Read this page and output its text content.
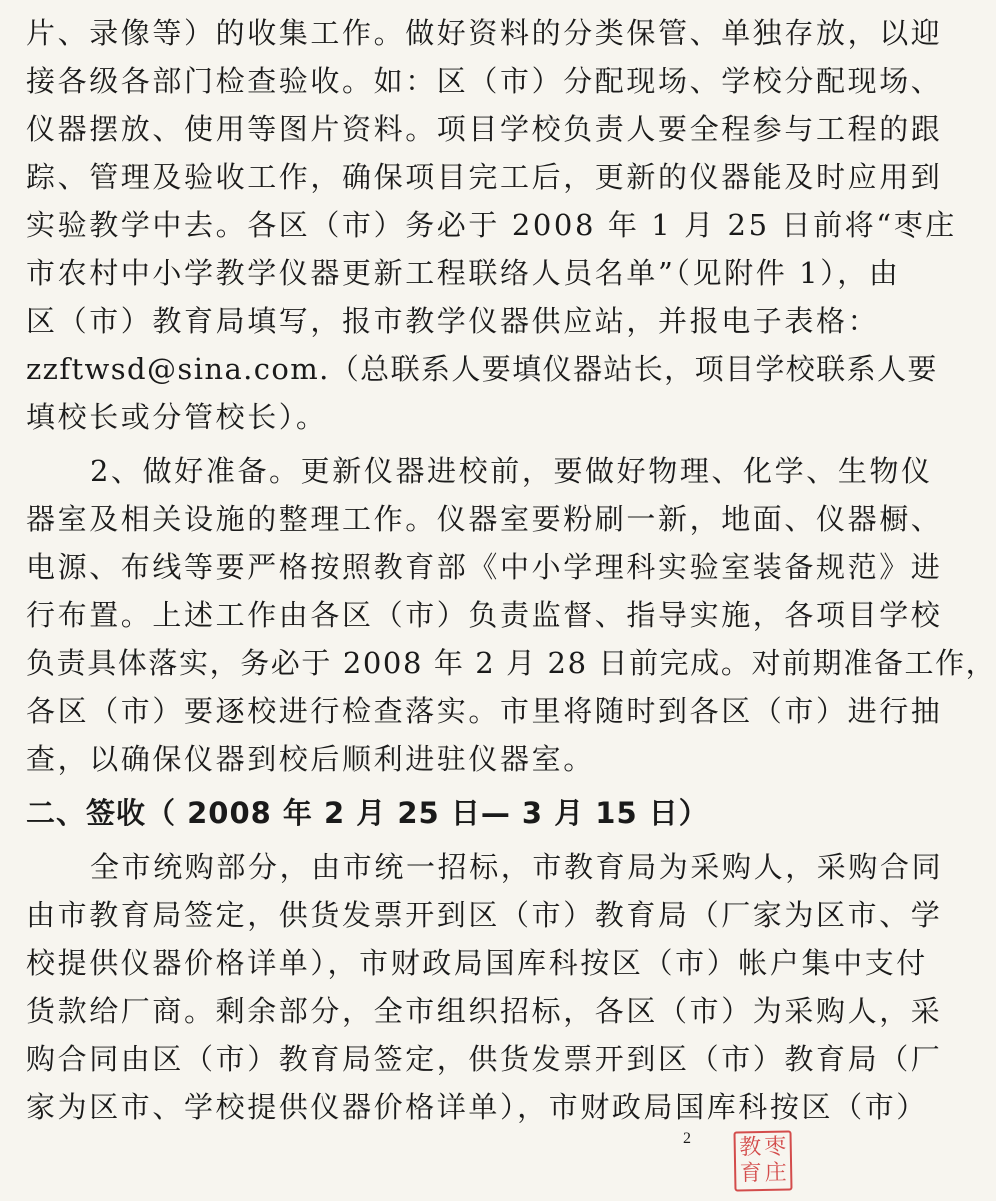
片、录像等）的收集工作。做好资料的分类保管、单独存放，以迎
接各级各部门检查验收。如：区（市）分配现场、学校分配现场、
仪器摆放、使用等图片资料。项目学校负责人要全程参与工程的跟
踪、管理及验收工作，确保项目完工后，更新的仪器能及时应用到
实验教学中去。各区（市）务必于 2008 年 1 月 25 日前将“枣庄
市农村中小学教学仪器更新工程联络人员名单”（见附件 1），由
区（市）教育局填写，报市教学仪器供应站，并报电子表格：
zzftwsd@sina.com.（总联系人要填仪器站长，项目学校联系人要
填校长或分管校长）。
2、做好准备。更新仪器进校前，要做好物理、化学、生物仪
器室及相关设施的整理工作。仪器室要粉刷一新，地面、仪器橱、
电源、布线等要严格按照教育部《中小学理科实验室装备规范》进
行布置。上述工作由各区（市）负责监督、指导实施，各项目学校
负责具体落实，务必于 2008 年 2 月 28 日前完成。对前期准备工作，
各区（市）要逐校进行检查落实。市里将随时到各区（市）进行抽
查，以确保仪器到校后顺利进驻仪器室。
二、签收（ 2008 年 2 月 25 日— 3 月 15 日）
全市统购部分，由市统一招标，市教育局为采购人，采购合同
由市教育局签定，供货发票开到区（市）教育局（厂家为区市、学
校提供仪器价格详单），市财政局国库科按区（市）帐户集中支付
货款给厂商。剩余部分，全市组织招标，各区（市）为采购人，采
购合同由区（市）教育局签定，供货发票开到区（市）教育局（厂
家为区市、学校提供仪器价格详单），市财政局国库科按区（市）
2 教 枣
育 庄
